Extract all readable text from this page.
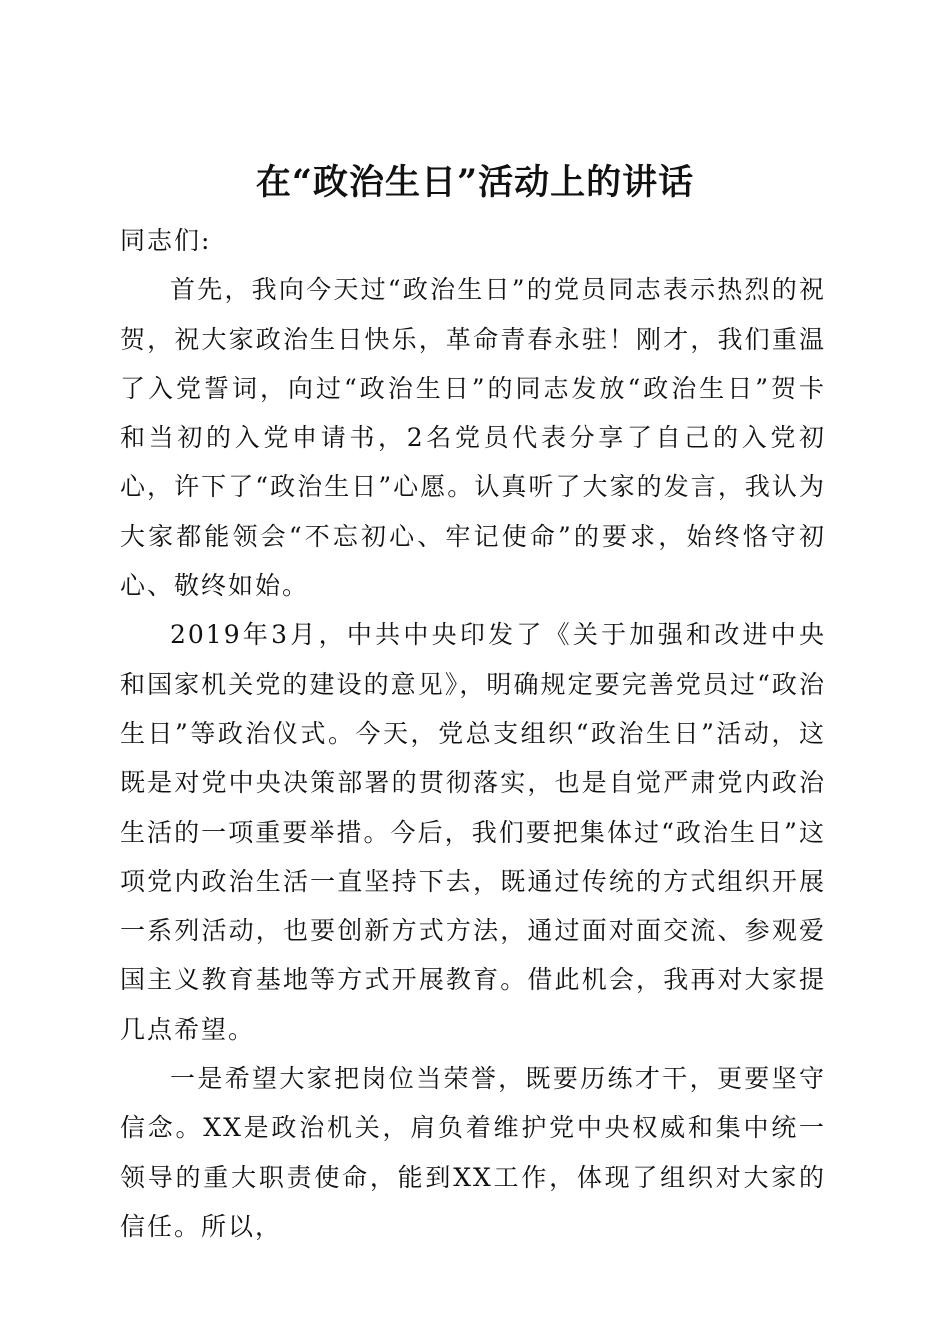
在“政治生日”活动上的讲话

同志们:

首先，我向今天过“政治生日”的党员同志表示热烈的祝贺，祝大家政治生日快乐，革命青春永驻！刚才，我们重温了入党誓词，向过“政治生日”的同志发放“政治生日”贺卡和当初的入党申请书，2名党员代表分享了自己的入党初心，许下了“政治生日”心愿。认真听了大家的发言，我认为大家都能领会“不忘初心、牢记使命”的要求，始终恪守初心、敬终如始。

2019年3月，中共中央印发了《关于加强和改进中央和国家机关党的建设的意见》，明确规定要完善党员过“政治生日”等政治仪式。今天，党总支组织“政治生日”活动，这既是对党中央决策部署的贯彻落实，也是自觉严肃党内政治生活的一项重要举措。今后，我们要把集体过“政治生日”这项党内政治生活一直坚持下去，既通过传统的方式组织开展一系列活动，也要创新方式方法，通过面对面交流、参观爱国主义教育基地等方式开展教育。借此机会，我再对大家提几点希望。

一是希望大家把岗位当荣誉，既要历练才干，更要坚守信念。XX是政治机关，肩负着维护党中央权威和集中统一领导的重大职责使命，能到XX工作，体现了组织对大家的信任。所以，
